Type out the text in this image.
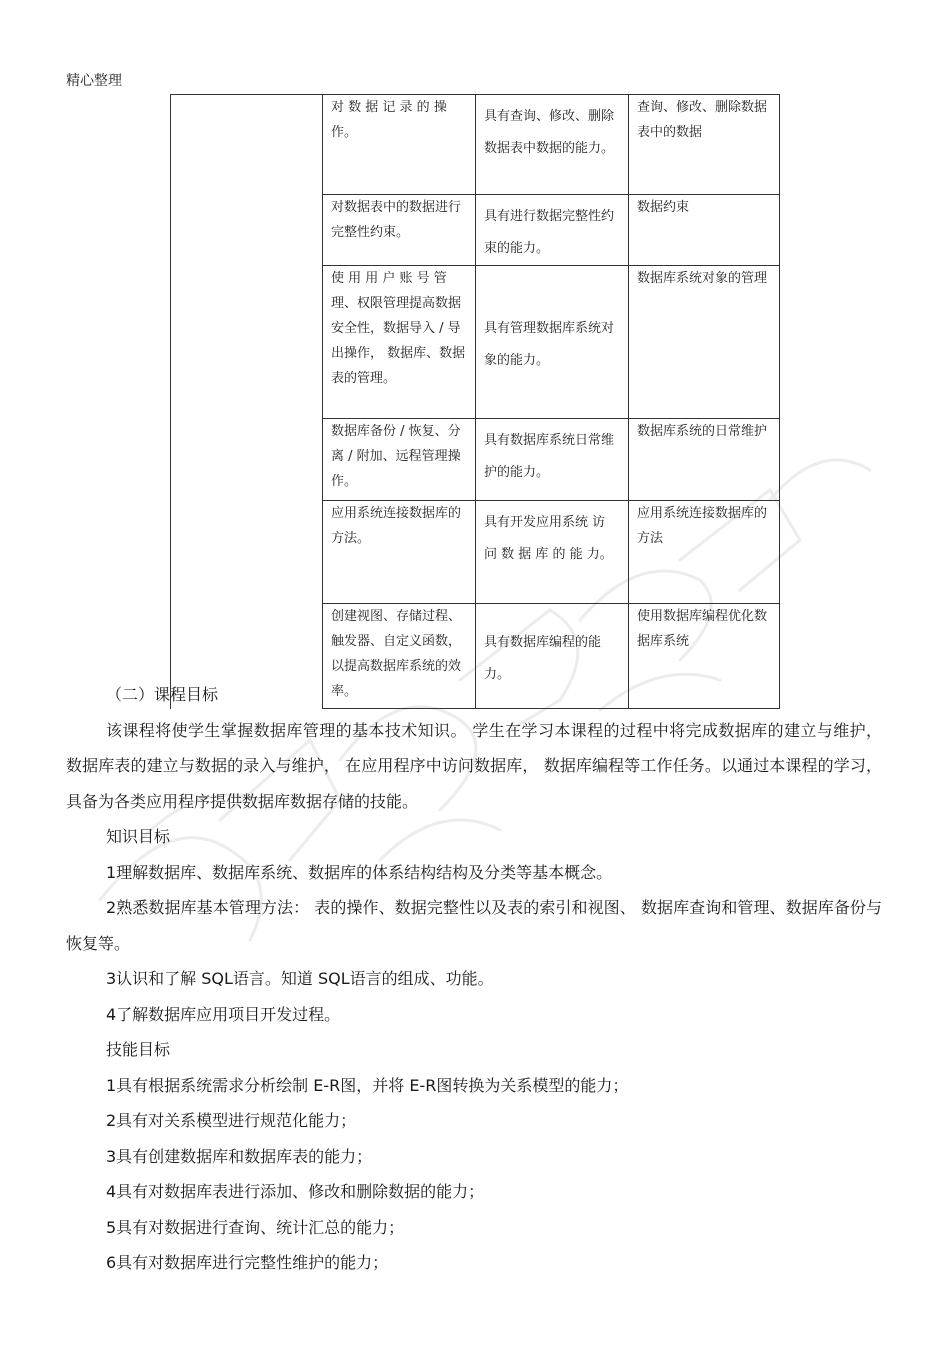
精心整理
	对 数 据 记 录 的 操 作。	具有查询、修改、删除数据表中数据的能力。	查询、修改、删除数据表中的数据
	对数据表中的数据进行完整性约束。	具有进行数据完整性约束的能力。	数据约束
	使 用 用 户 账 号 管 理、权限管理提高数据安全性，数据导入 / 导出操作， 数据库、数据表的管理。	具有管理数据库系统对象的能力。	数据库系统对象的管理
	数据库备份 / 恢复、分离 / 附加、远程管理操作。	具有数据库系统日常维护的能力。	数据库系统的日常维护
	应用系统连接数据库的方法。	具有开发应用系统 访 问 数 据 库 的 能 力。	应用系统连接数据库的方法
	创建视图、存储过程、触发器、自定义函数，以提高数据库系统的效率。	具有数据库编程的能力。	使用数据库编程优化数据库系统

（二）课程目标

该课程将使学生掌握数据库管理的基本技术知识。 学生在学习本课程的过程中将完成数据库的建立与维护， 数据库表的建立与数据的录入与维护， 在应用程序中访问数据库， 数据库编程等工作任务。以通过本课程的学习，具备为各类应用程序提供数据库数据存储的技能。

知识目标

1理解数据库、数据库系统、数据库的体系结构结构及分类等基本概念。

2熟悉数据库基本管理方法： 表的操作、数据完整性以及表的索引和视图、 数据库查询和管理、数据库备份与恢复等。

3认识和了解 SQL语言。知道 SQL语言的组成、功能。

4了解数据库应用项目开发过程。

技能目标

1具有根据系统需求分析绘制 E-R图，并将 E-R图转换为关系模型的能力；

2具有对关系模型进行规范化能力；

3具有创建数据库和数据库表的能力；

4具有对数据库表进行添加、修改和删除数据的能力；

5具有对数据进行查询、统计汇总的能力；

6具有对数据库进行完整性维护的能力；
